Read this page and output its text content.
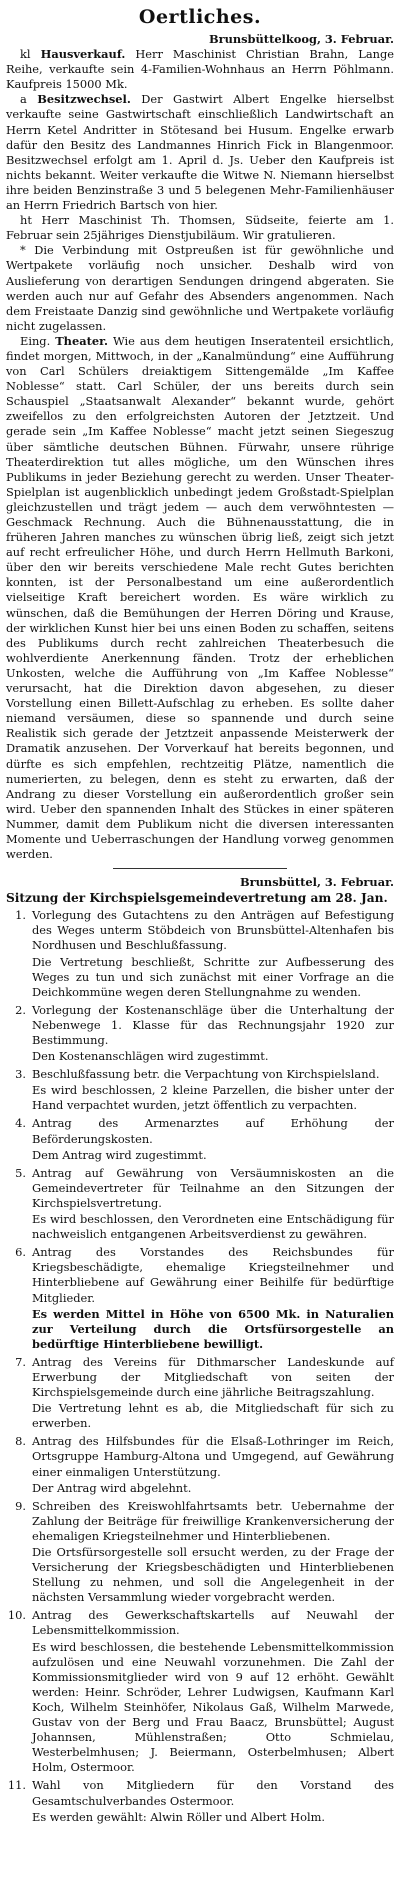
Oertliches.

Brunsbüttelkoog, 3. Februar.

kl Hausverkauf. Herr Maschinist Christian Brahn, Lange Reihe, verkaufte sein 4-Familien-Wohnhaus an Herrn Pöhlmann. Kaufpreis 15000 Mk.

a Besitzwechsel. Der Gastwirt Albert Engelke hierselbst verkaufte seine Gastwirtschaft einschließlich Landwirtschaft an Herrn Ketel Andritter in Stötesand bei Husum. Engelke erwarb dafür den Besitz des Landmannes Hinrich Fick in Blangenmoor. Besitzwechsel erfolgt am 1. April d. Js. Ueber den Kaufpreis ist nichts bekannt. Weiter verkaufte die Witwe N. Niemann hierselbst ihre beiden Benzinstraße 3 und 5 belegenen Mehr-Familienhäuser an Herrn Friedrich Bartsch von hier.

ht Herr Maschinist Th. Thomsen, Südseite, feierte am 1. Februar sein 25jähriges Dienstjubiläum. Wir gratulieren.

* Die Verbindung mit Ostpreußen ist für gewöhnliche und Wertpakete vorläufig noch unsicher. Deshalb wird von Auslieferung von derartigen Sendungen dringend abgeraten. Sie werden auch nur auf Gefahr des Absenders angenommen. Nach dem Freistaate Danzig sind gewöhnliche und Wertpakete vorläufig nicht zugelassen.

Eing. Theater. Wie aus dem heutigen Inseratenteil ersichtlich, findet morgen, Mittwoch, in der „Kanalmündung“ eine Aufführung von Carl Schülers dreiaktigem Sittengemälde „Im Kaffee Noblesse“ statt. Carl Schüler, der uns bereits durch sein Schauspiel „Staatsanwalt Alexander“ bekannt wurde, gehört zweifellos zu den erfolgreichsten Autoren der Jetztzeit. Und gerade sein „Im Kaffee Noblesse“ macht jetzt seinen Siegeszug über sämtliche deutschen Bühnen. Fürwahr, unsere rührige Theaterdirektion tut alles mögliche, um den Wünschen ihres Publikums in jeder Beziehung gerecht zu werden. Unser Theater-Spielplan ist augenblicklich unbedingt jedem Großstadt-Spielplan gleichzustellen und trägt jedem — auch dem verwöhntesten — Geschmack Rechnung. Auch die Bühnenausstattung, die in früheren Jahren manches zu wünschen übrig ließ, zeigt sich jetzt auf recht erfreulicher Höhe, und durch Herrn Hellmuth Barkoni, über den wir bereits verschiedene Male recht Gutes berichten konnten, ist der Personalbestand um eine außerordentlich vielseitige Kraft bereichert worden. Es wäre wirklich zu wünschen, daß die Bemühungen der Herren Döring und Krause, der wirklichen Kunst hier bei uns einen Boden zu schaffen, seitens des Publikums durch recht zahlreichen Theaterbesuch die wohlverdiente Anerkennung fänden. Trotz der erheblichen Unkosten, welche die Aufführung von „Im Kaffee Noblesse“ verursacht, hat die Direktion davon abgesehen, zu dieser Vorstellung einen Billett-Aufschlag zu erheben. Es sollte daher niemand versäumen, diese so spannende und durch seine Realistik sich gerade der Jetztzeit anpassende Meisterwerk der Dramatik anzusehen. Der Vorverkauf hat bereits begonnen, und dürfte es sich empfehlen, rechtzeitig Plätze, namentlich die numerierten, zu belegen, denn es steht zu erwarten, daß der Andrang zu dieser Vorstellung ein außerordentlich großer sein wird. Ueber den spannenden Inhalt des Stückes in einer späteren Nummer, damit dem Publikum nicht die diversen interessanten Momente und Ueberraschungen der Handlung vorweg genommen werden.

Brunsbüttel, 3. Februar.

Sitzung der Kirchspielsgemeindevertretung am 28. Jan.
1. Vorlegung des Gutachtens zu den Anträgen auf Befestigung des Weges unterm Stöbdeich von Brunsbüttel-Altenhafen bis Nordhusen und Beschlußfassung.
Die Vertretung beschließt, Schritte zur Aufbesserung des Weges zu tun und sich zunächst mit einer Vorfrage an die Deichkommüne wegen deren Stellungnahme zu wenden.
2. Vorlegung der Kostenanschläge über die Unterhaltung der Nebenwege 1. Klasse für das Rechnungsjahr 1920 zur Bestimmung.
Den Kostenanschlägen wird zugestimmt.
3. Beschlußfassung betr. die Verpachtung von Kirchspielsland.
Es wird beschlossen, 2 kleine Parzellen, die bisher unter der Hand verpachtet wurden, jetzt öffentlich zu verpachten.
4. Antrag des Armenarztes auf Erhöhung der Beförderungskosten.
Dem Antrag wird zugestimmt.
5. Antrag auf Gewährung von Versäumniskosten an die Gemeindevertreter für Teilnahme an den Sitzungen der Kirchspielsvertretung.
Es wird beschlossen, den Verordneten eine Entschädigung für nachweislich entgangenen Arbeitsverdienst zu gewähren.
6. Antrag des Vorstandes des Reichsbundes für Kriegsbeschädigte, ehemalige Kriegsteilnehmer und Hinterbliebene auf Gewährung einer Beihilfe für bedürftige Mitglieder.
Es werden Mittel in Höhe von 6500 Mk. in Naturalien zur Verteilung durch die Ortsfürsorgestelle an bedürftige Hinterbliebene bewilligt.
7. Antrag des Vereins für Dithmarscher Landeskunde auf Erwerbung der Mitgliedschaft von seiten der Kirchspielsgemeinde durch eine jährliche Beitragszahlung.
Die Vertretung lehnt es ab, die Mitgliedschaft für sich zu erwerben.
8. Antrag des Hilfsbundes für die Elsaß-Lothringer im Reich, Ortsgruppe Hamburg-Altona und Umgegend, auf Gewährung einer einmaligen Unterstützung.
Der Antrag wird abgelehnt.
9. Schreiben des Kreiswohlfahrtsamts betr. Uebernahme der Zahlung der Beiträge für freiwillige Krankenversicherung der ehemaligen Kriegsteilnehmer und Hinterbliebenen.
Die Ortsfürsorgestelle soll ersucht werden, zu der Frage der Versicherung der Kriegsbeschädigten und Hinterbliebenen Stellung zu nehmen, und soll die Angelegenheit in der nächsten Versammlung wieder vorgebracht werden.
10. Antrag des Gewerkschaftskartells auf Neuwahl der Lebensmittelkommission.
Es wird beschlossen, die bestehende Lebensmittelkommission aufzulösen und eine Neuwahl vorzunehmen. Die Zahl der Kommissionsmitglieder wird von 9 auf 12 erhöht. Gewählt werden: Heinr. Schröder, Lehrer Ludwigsen, Kaufmann Karl Koch, Wilhelm Steinhöfer, Nikolaus Gaß, Wilhelm Marwede, Gustav von der Berg und Frau Baacz, Brunsbüttel; August Johannsen, Mühlenstraßen; Otto Schmielau, Westerbelmhusen; J. Beiermann, Osterbelmhusen; Albert Holm, Ostermoor.
11. Wahl von Mitgliedern für den Vorstand des Gesamtschulverbandes Ostermoor.
Es werden gewählt: Alwin Röller und Albert Holm.
